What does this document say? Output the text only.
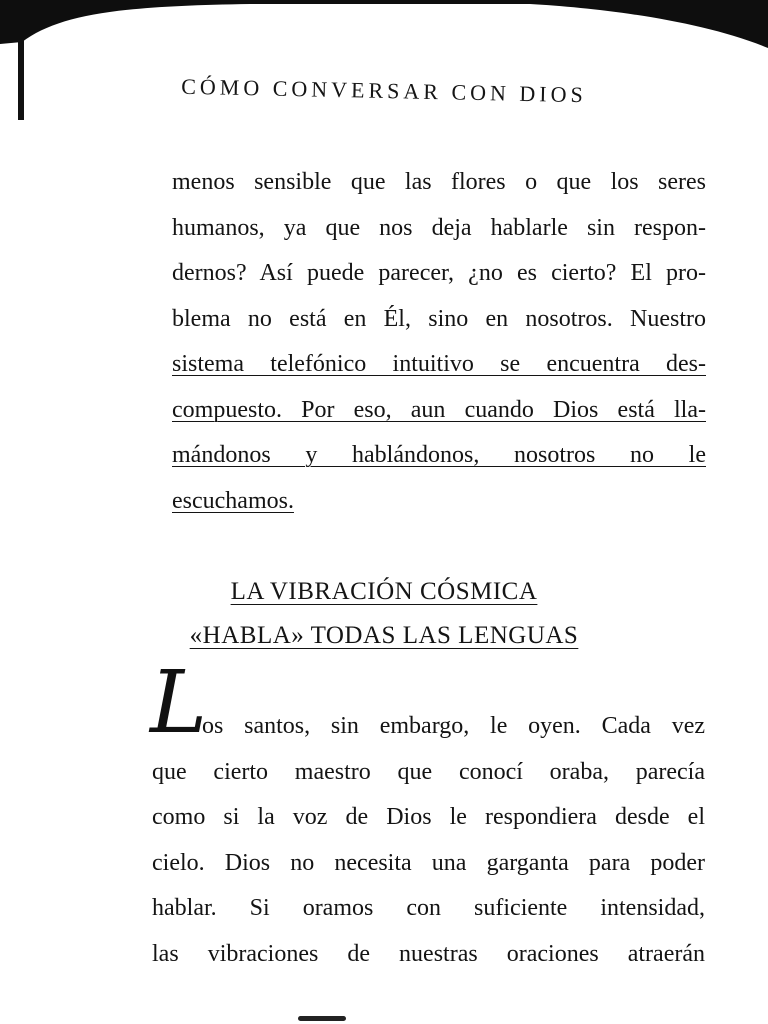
CÓMO CONVERSAR CON DIOS
menos sensible que las flores o que los seres
humanos, ya que nos deja hablarle sin respon-
dernos? Así puede parecer, ¿no es cierto? El pro-
blema no está en Él, sino en nosotros. Nuestro
sistema telefónico intuitivo se encuentra des-
compuesto. Por eso, aun cuando Dios está lla-
mándonos y hablándonos, nosotros no le
escuchamos.
LA VIBRACIÓN CÓSMICA
«HABLA» TODAS LAS LENGUAS
L
os santos, sin embargo, le oyen. Cada vez
que cierto maestro que conocí oraba, parecía
como si la voz de Dios le respondiera desde el
cielo. Dios no necesita una garganta para poder
hablar. Si oramos con suficiente intensidad,
las vibraciones de nuestras oraciones atraerán
